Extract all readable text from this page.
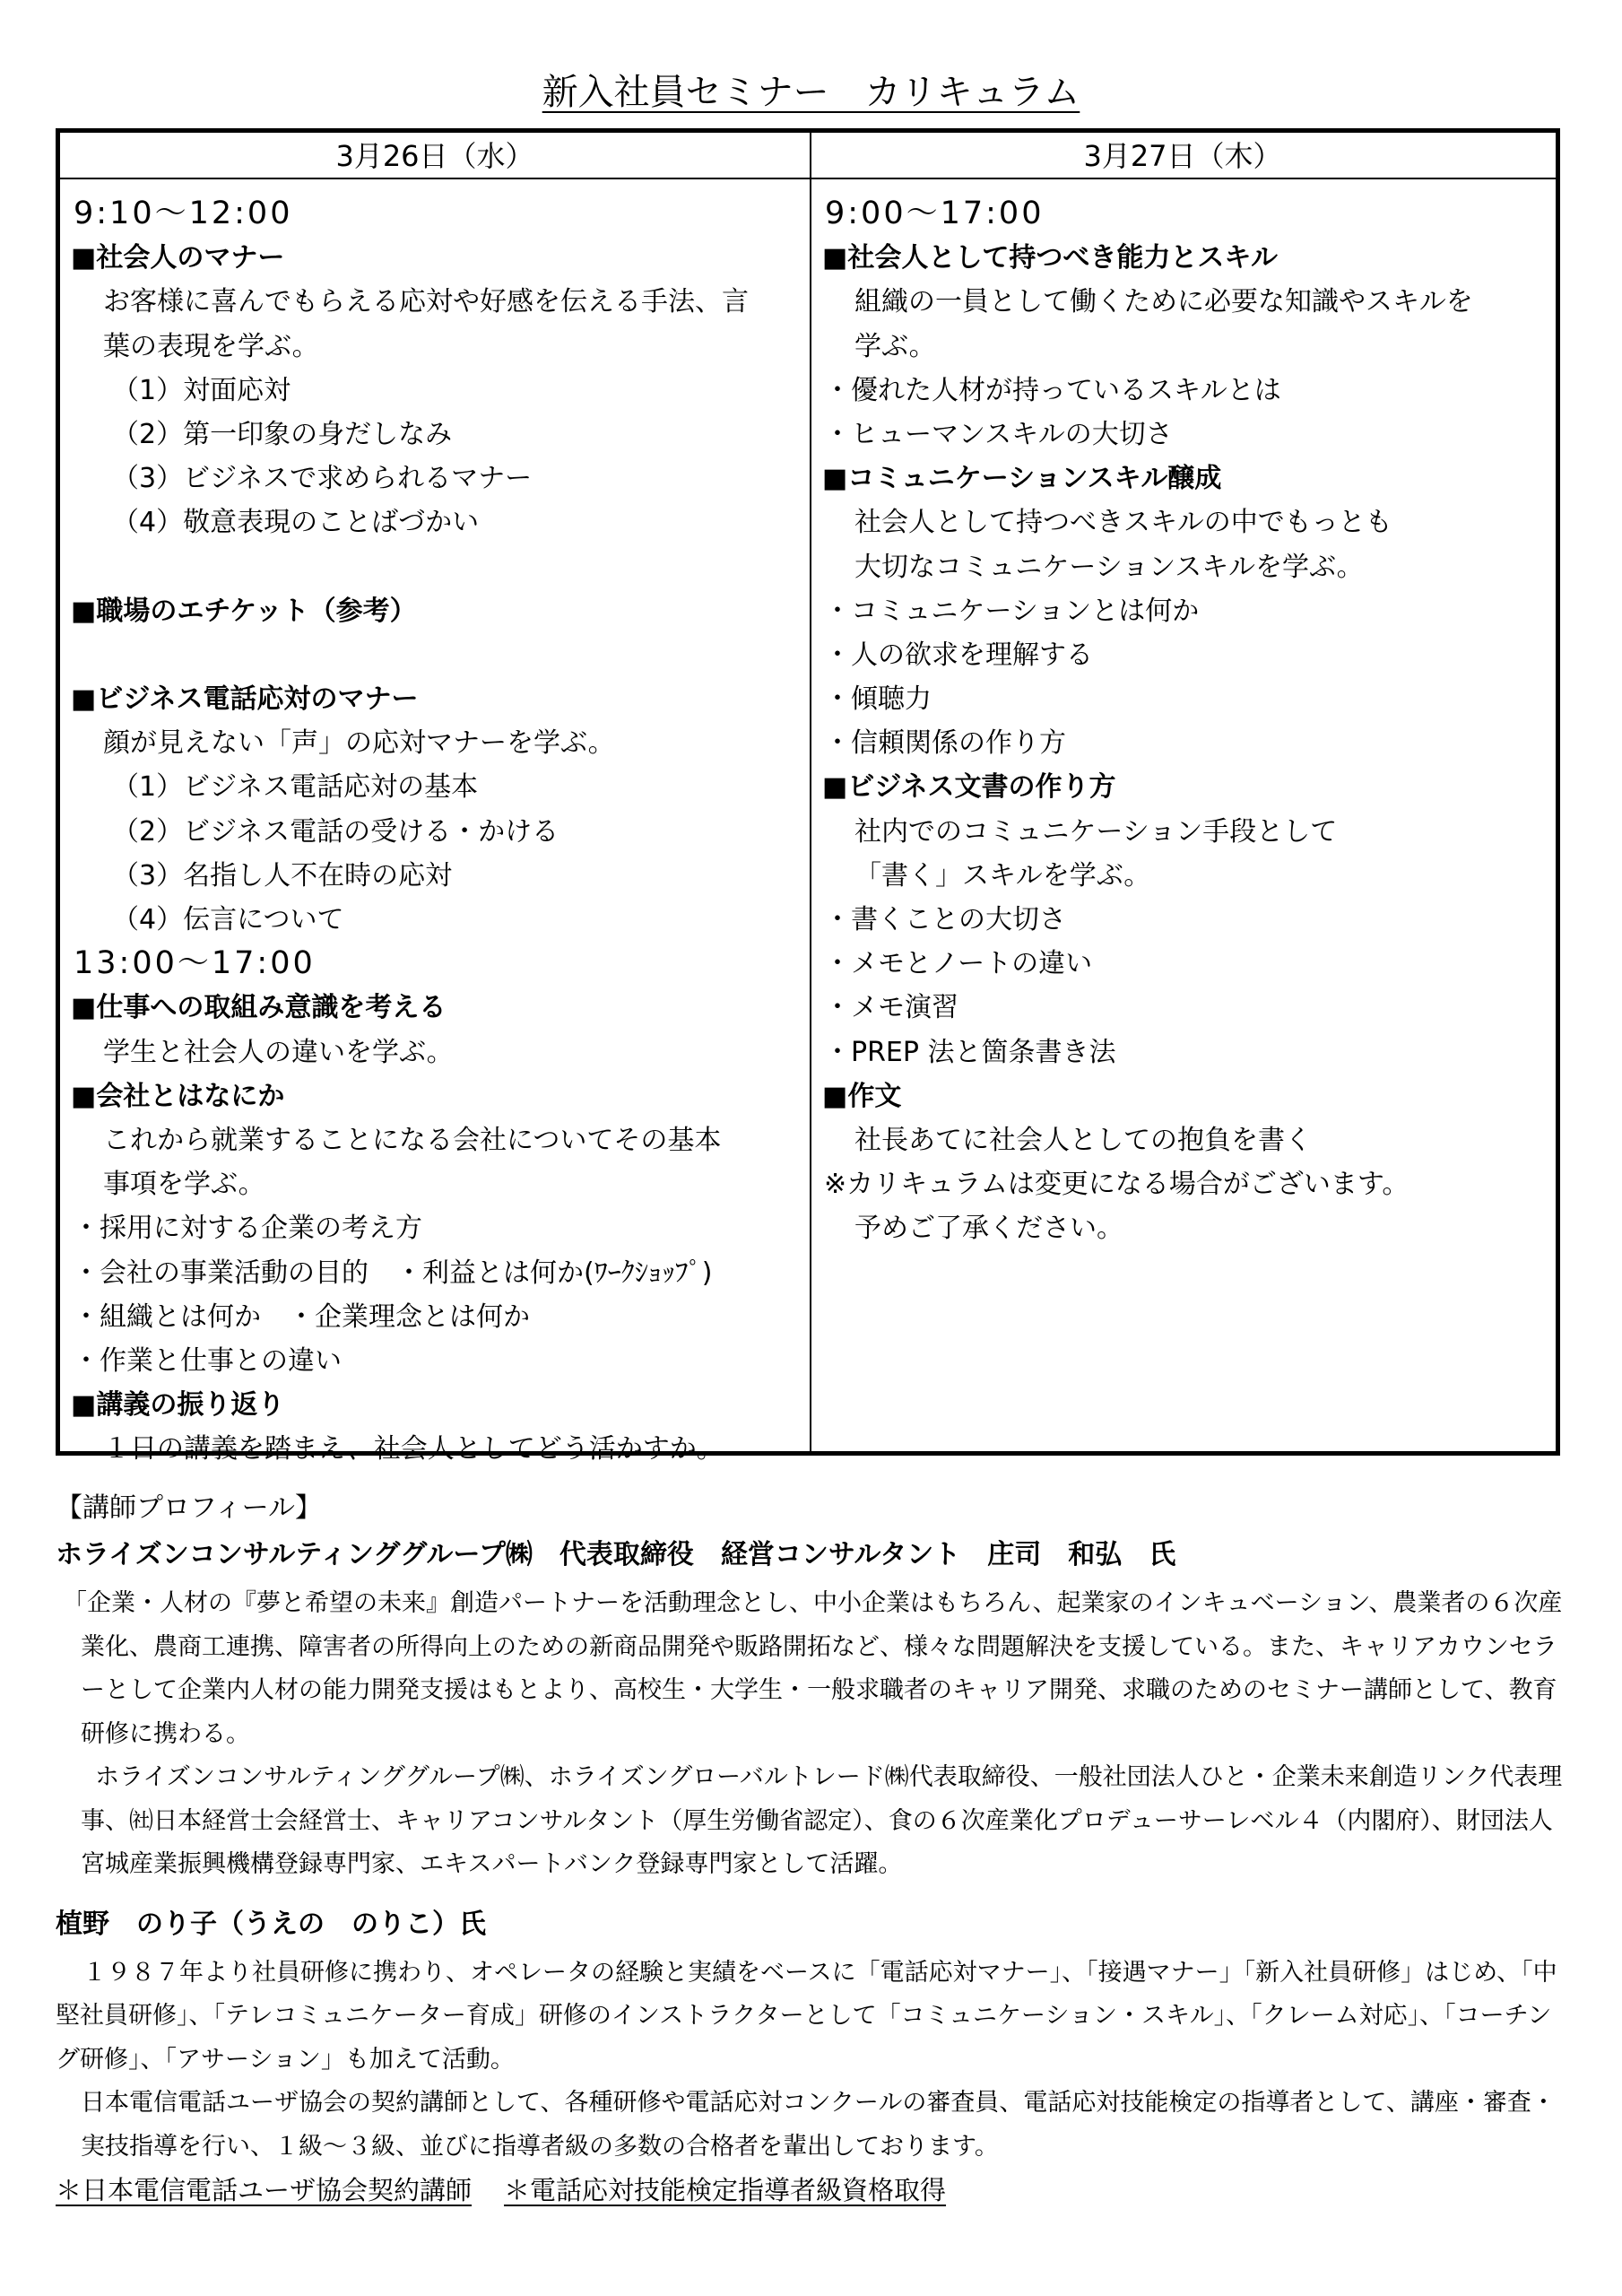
新入社員セミナー　カリキュラム
3月26日（水）	3月27日（木）
9:10～12:00
■社会人のマナー
お客様に喜んでもらえる応対や好感を伝える手法、言
葉の表現を学ぶ。
（1）対面応対
（2）第一印象の身だしなみ
（3）ビジネスで求められるマナー
（4）敬意表現のことばづかい
■職場のエチケット（参考）
■ビジネス電話応対のマナー
顔が見えない「声」の応対マナーを学ぶ。
（1）ビジネス電話応対の基本
（2）ビジネス電話の受ける・かける
（3）名指し人不在時の応対
（4）伝言について
13:00～17:00
■仕事への取組み意識を考える
学生と社会人の違いを学ぶ。
■会社とはなにか
これから就業することになる会社についてその基本
事項を学ぶ。
・採用に対する企業の考え方
・会社の事業活動の目的　・利益とは何か(ﾜｰｸｼｮｯﾌﾟ)
・組織とは何か　・企業理念とは何か
・作業と仕事との違い
■講義の振り返り
１日の講義を踏まえ、社会人としてどう活かすか。
9:00～17:00
■社会人として持つべき能力とスキル
組織の一員として働くために必要な知識やスキルを
学ぶ。
・優れた人材が持っているスキルとは
・ヒューマンスキルの大切さ
■コミュニケーションスキル醸成
社会人として持つべきスキルの中でもっとも
大切なコミュニケーションスキルを学ぶ。
・コミュニケーションとは何か
・人の欲求を理解する
・傾聴力
・信頼関係の作り方
■ビジネス文書の作り方
社内でのコミュニケーション手段として
「書く」スキルを学ぶ。
・書くことの大切さ
・メモとノートの違い
・メモ演習
・PREP 法と箇条書き法
■作文
社長あてに社会人としての抱負を書く
※カリキュラムは変更になる場合がございます。
予めご了承ください。
【講師プロフィール】
ホライズンコンサルティンググループ㈱　代表取締役　経営コンサルタント　庄司　和弘　氏

「企業・人材の『夢と希望の未来』創造パートナーを活動理念とし、中小企業はもちろん、起業家のインキュベーション、農業者の６次産業化、農商工連携、障害者の所得向上のための新商品開発や販路開拓など、様々な問題解決を支援している。また、キャリアカウンセラーとして企業内人材の能力開発支援はもとより、高校生・大学生・一般求職者のキャリア開発、求職のためのセミナー講師として、教育研修に携わる。

ホライズンコンサルティンググループ㈱、ホライズングローバルトレード㈱代表取締役、一般社団法人ひと・企業未来創造リンク代表理事、㈳日本経営士会経営士、キャリアコンサルタント（厚生労働省認定）、食の６次産業化プロデューサーレベル４（内閣府）、財団法人宮城産業振興機構登録専門家、エキスパートバンク登録専門家として活躍。

植野　のり子（うえの　のりこ）氏

１９８７年より社員研修に携わり、オペレータの経験と実績をベースに「電話応対マナー」、「接遇マナー」「新入社員研修」はじめ、「中堅社員研修」、「テレコミュニケーター育成」研修のインストラクターとして「コミュニケーション・スキル」、「クレーム対応」、「コーチング研修」、「アサーション」も加えて活動。

日本電信電話ユーザ協会の契約講師として、各種研修や電話応対コンクールの審査員、電話応対技能検定の指導者として、講座・審査・実技指導を行い、１級～３級、並びに指導者級の多数の合格者を輩出しております。

＊日本電信電話ユーザ協会契約講師 ＊電話応対技能検定指導者級資格取得
